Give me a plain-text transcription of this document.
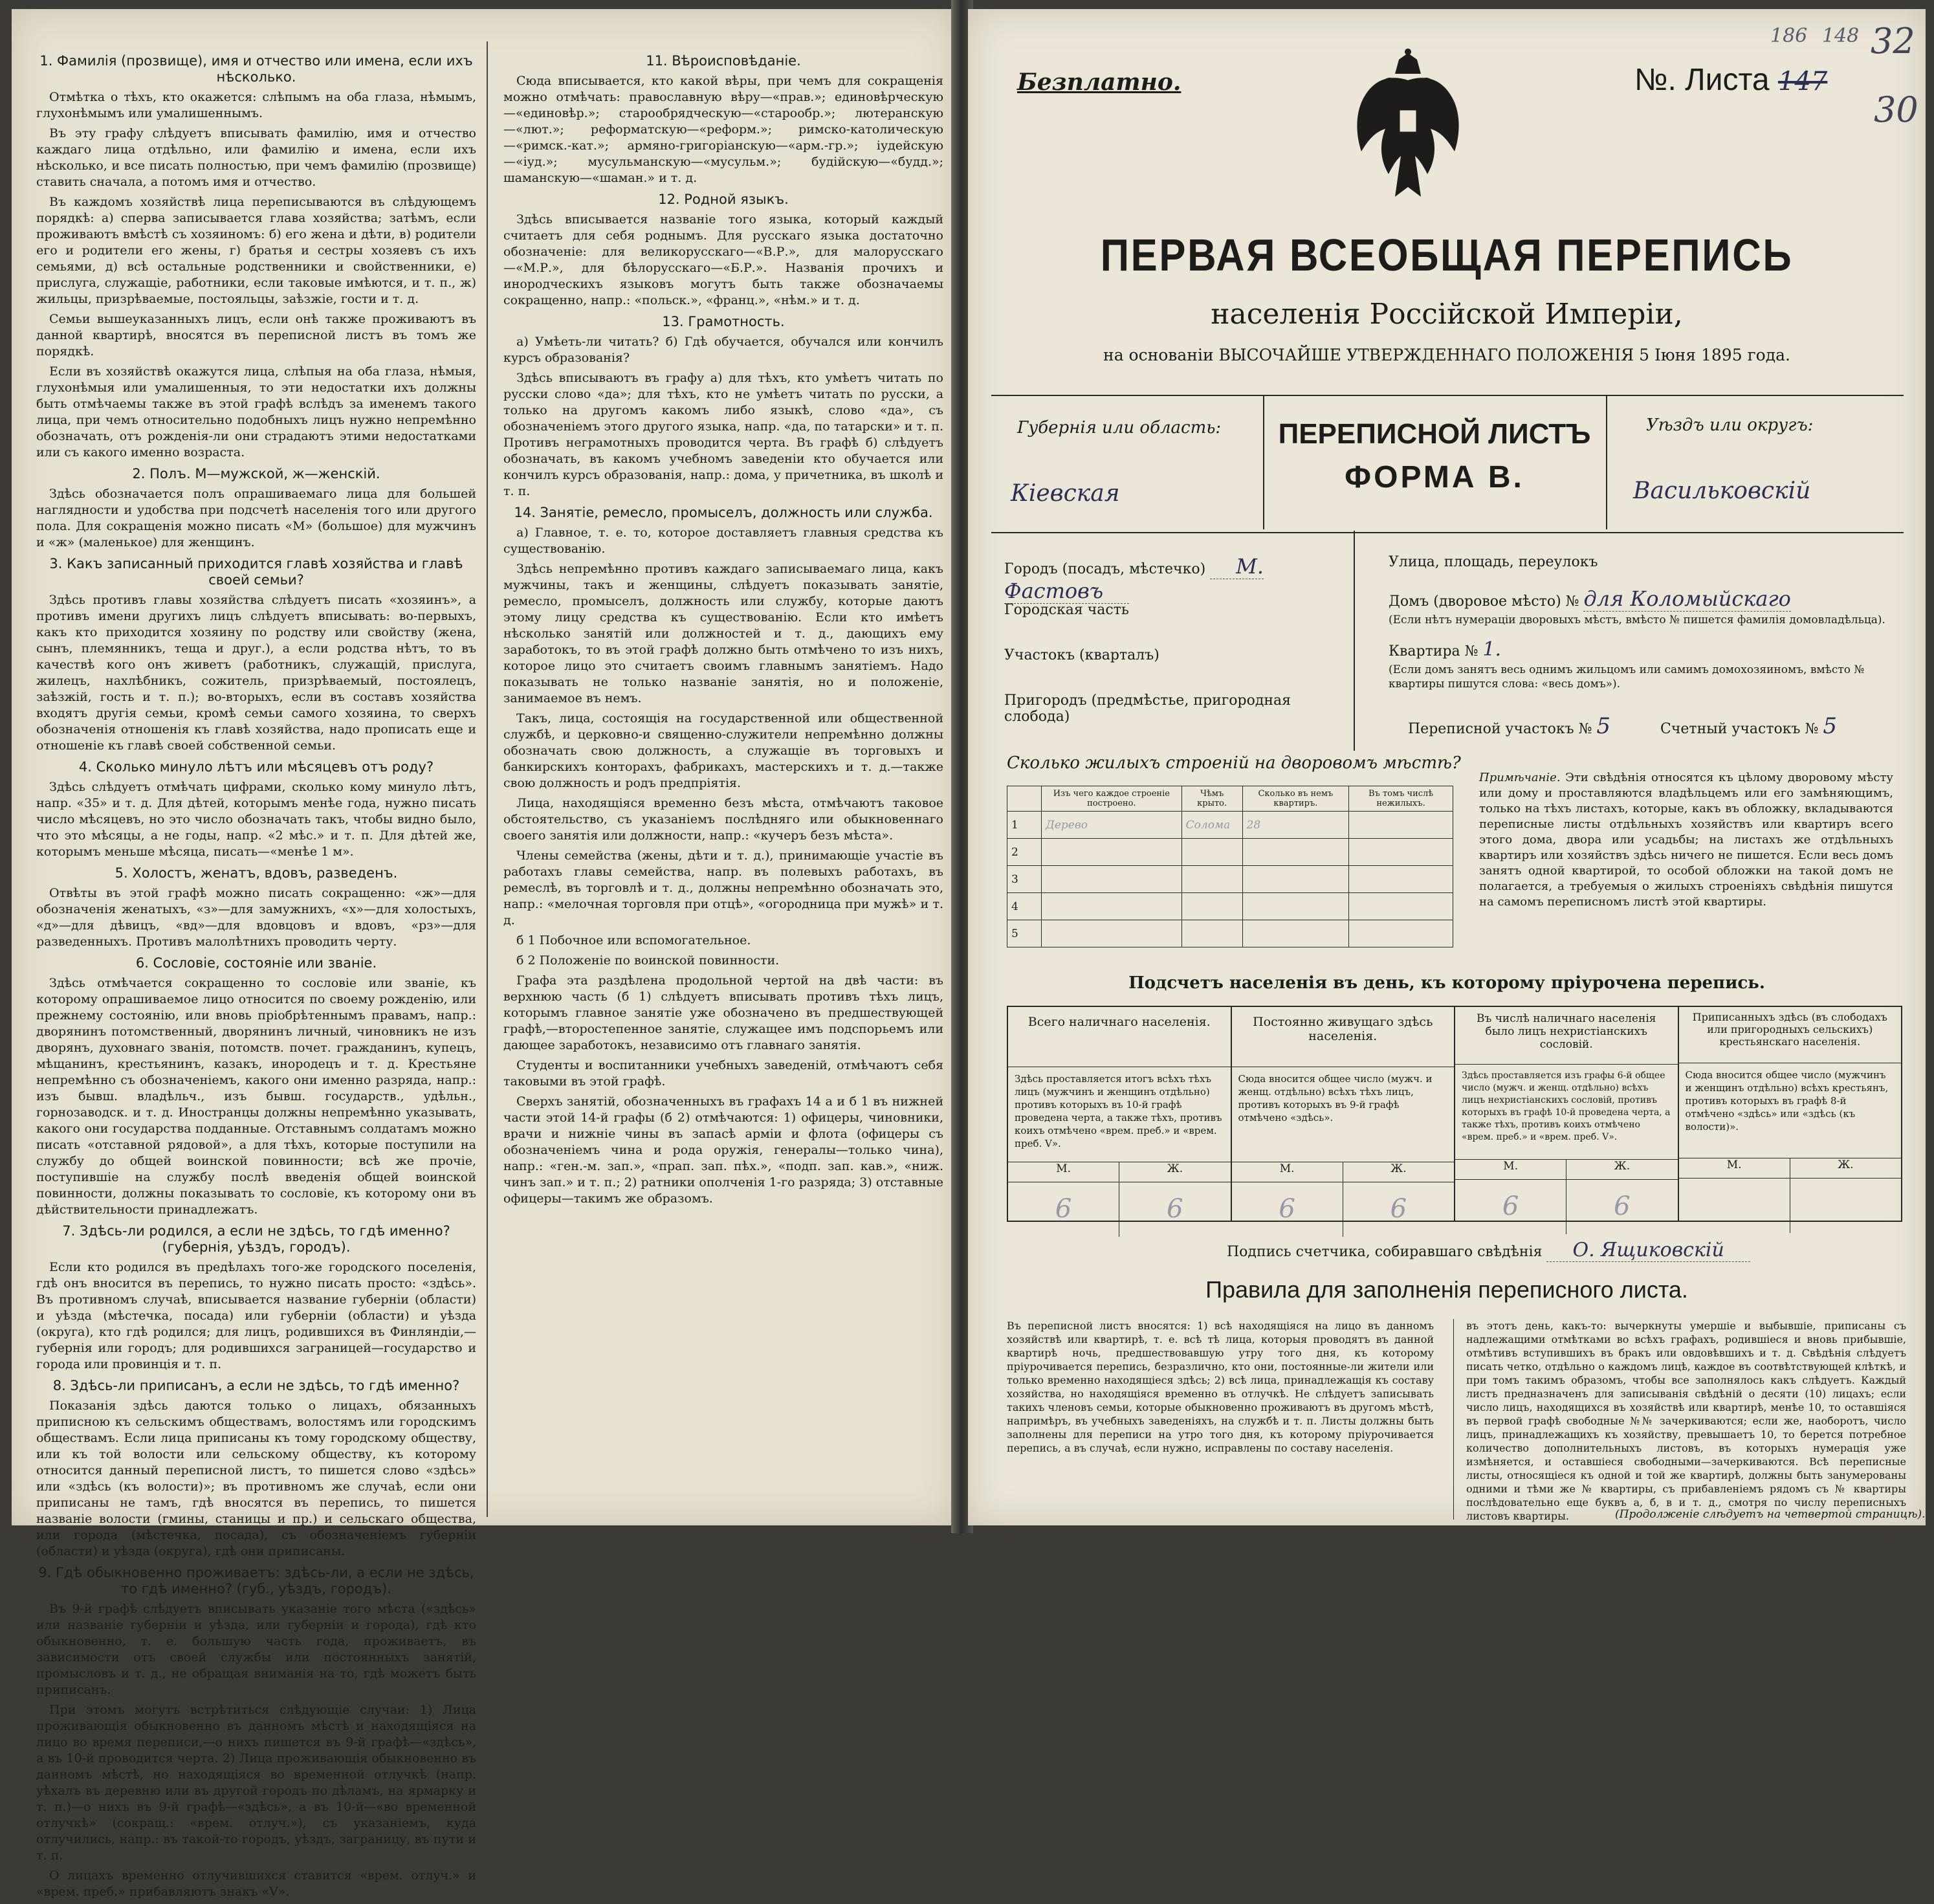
1. Фамилія (прозвище), имя и отчество или имена, если ихъ нѣсколько.

Отмѣтка о тѣхъ, кто окажется: слѣпымъ на оба глаза, нѣмымъ, глухонѣмымъ или умалишеннымъ.

Въ эту графу слѣдуетъ вписывать фамилію, имя и отчество каждаго лица отдѣльно, или фамилію и имена, если ихъ нѣсколько, и все писать полностью, при чемъ фамилію (прозвище) ставить сначала, а потомъ имя и отчество.

Въ каждомъ хозяйствѣ лица переписываются въ слѣдующемъ порядкѣ: а) сперва записывается глава хозяйства; затѣмъ, если проживаютъ вмѣстѣ съ хозяиномъ: б) его жена и дѣти, в) родители его и родители его жены, г) братья и сестры хозяевъ съ ихъ семьями, д) всѣ остальные родственники и свойственники, е) прислуга, служащіе, работники, если таковые имѣются, и т. п., ж) жильцы, призрѣваемые, постояльцы, заѣзжіе, гости и т. д.

Семьи вышеуказанныхъ лицъ, если онѣ также проживаютъ въ данной квартирѣ, вносятся въ переписной листъ въ томъ же порядкѣ.

Если въ хозяйствѣ окажутся лица, слѣпыя на оба глаза, нѣмыя, глухонѣмыя или умалишенныя, то эти недостатки ихъ должны быть отмѣчаемы также въ этой графѣ вслѣдъ за именемъ такого лица, при чемъ относительно подобныхъ лицъ нужно непремѣнно обозначать, отъ рожденія-ли они страдаютъ этими недостатками или съ какого именно возраста.

2. Полъ. М—мужской, ж—женскій.

Здѣсь обозначается полъ опрашиваемаго лица для большей наглядности и удобства при подсчетѣ населенія того или другого пола. Для сокращенія можно писать «М» (большое) для мужчинъ и «ж» (маленькое) для женщинъ.

3. Какъ записанный приходится главѣ хозяйства и главѣ своей семьи?

Здѣсь противъ главы хозяйства слѣдуетъ писать «хозяинъ», а противъ имени другихъ лицъ слѣдуетъ вписывать: во-первыхъ, какъ кто приходится хозяину по родству или свойству (жена, сынъ, племянникъ, теща и друг.), а если родства нѣтъ, то въ качествѣ кого онъ живетъ (работникъ, служащій, прислуга, жилецъ, нахлѣбникъ, сожитель, призрѣваемый, постоялецъ, заѣзжій, гость и т. п.); во-вторыхъ, если въ составъ хозяйства входятъ другія семьи, кромѣ семьи самого хозяина, то сверхъ обозначенія отношенія къ главѣ хозяйства, надо прописать еще и отношеніе къ главѣ своей собственной семьи.

4. Сколько минуло лѣтъ или мѣсяцевъ отъ роду?

Здѣсь слѣдуетъ отмѣчать цифрами, сколько кому минуло лѣтъ, напр. «35» и т. д. Для дѣтей, которымъ менѣе года, нужно писать число мѣсяцевъ, но это число обозначать такъ, чтобы видно было, что это мѣсяцы, а не годы, напр. «2 мѣс.» и т. п. Для дѣтей же, которымъ меньше мѣсяца, писать—«менѣе 1 м».

5. Холостъ, женатъ, вдовъ, разведенъ.

Отвѣты въ этой графѣ можно писать сокращенно: «ж»—для обозначенія женатыхъ, «з»—для замужнихъ, «х»—для холостыхъ, «д»—для дѣвицъ, «вд»—для вдовцовъ и вдовъ, «рз»—для разведенныхъ. Противъ малолѣтнихъ проводить черту.

6. Сословіе, состояніе или званіе.

Здѣсь отмѣчается сокращенно то сословіе или званіе, къ которому опрашиваемое лицо относится по своему рожденію, или прежнему состоянію, или вновь пріобрѣтеннымъ правамъ, напр.: дворянинъ потомственный, дворянинъ личный, чиновникъ не изъ дворянъ, духовнаго званія, потомств. почет. гражданинъ, купецъ, мѣщанинъ, крестьянинъ, казакъ, инородецъ и т. д. Крестьяне непремѣнно съ обозначеніемъ, какого они именно разряда, напр.: изъ бывш. владѣльч., изъ бывш. государств., удѣльн., горнозаводск. и т. д. Иностранцы должны непремѣнно указывать, какого они государства подданные. Отставнымъ солдатамъ можно писать «отставной рядовой», а для тѣхъ, которые поступили на службу до общей воинской повинности; всѣ же прочіе, поступившіе на службу послѣ введенія общей воинской повинности, должны показывать то сословіе, къ которому они въ дѣйствительности принадлежатъ.

7. Здѣсь-ли родился, а если не здѣсь, то гдѣ именно? (губернія, уѣздъ, городъ).

Если кто родился въ предѣлахъ того-же городского поселенія, гдѣ онъ вносится въ перепись, то нужно писать просто: «здѣсь». Въ противномъ случаѣ, вписывается название губерніи (области) и уѣзда (мѣстечка, посада) или губерніи (области) и уѣзда (округа), кто гдѣ родился; для лицъ, родившихся въ Финляндіи,—губернія или городъ; для родившихся заграницей—государство и города или провинція и т. п.

8. Здѣсь-ли приписанъ, а если не здѣсь, то гдѣ именно?

Показанія здѣсь даются только о лицахъ, обязанныхъ приписною къ сельскимъ обществамъ, волостямъ или городскимъ обществамъ. Если лица приписаны къ тому городскому обществу, или къ той волости или сельскому обществу, къ которому относится данный переписной листъ, то пишется слово «здѣсь» или «здѣсь (къ волости)»; въ противномъ же случаѣ, если они приписаны не тамъ, гдѣ вносятся въ перепись, то пишется названіе волости (гмины, станицы и пр.) и сельскаго общества, или города (мѣстечка, посада), съ обозначеніемъ губерніи (области) и уѣзда (округа), гдѣ они приписаны.

9. Гдѣ обыкновенно проживаетъ: здѣсь-ли, а если не здѣсь, то гдѣ именно? (губ., уѣздъ, городъ).

Въ 9-й графѣ слѣдуетъ вписывать указаніе того мѣста («здѣсь» или названіе губерніи и уѣзда, или губерніи и города), гдѣ кто обыкновенно, т. е. большую часть года, проживаетъ, въ зависимости отъ своей службы или постоянныхъ занятій, промысловъ и т. д., не обращая вниманія на то, гдѣ можетъ быть приписанъ.

При этомъ могутъ встрѣтиться слѣдующіе случаи: 1) Лица проживающія обыкновенно въ данномъ мѣстѣ и находящіяся на лицо во время переписи,—о нихъ пишется въ 9-й графѣ—«здѣсь», а въ 10-й проводится черта. 2) Лица проживающія обыкновенно въ данномъ мѣстѣ, но находящіяся во временной отлучкѣ (напр. уѣхалъ въ деревню или въ другой городъ по дѣламъ, на ярмарку и т. п.)—о нихъ въ 9-й графѣ—«здѣсь», а въ 10-й—«во временной отлучкѣ» (сокращ.: «врем. отлуч.»), съ указаніемъ, куда отлучились, напр.: въ такой-то городъ, уѣздъ, заграницу, въ пути и т. п.

О лицахъ временно отлучившихся ставится «врем. отлуч.» и «врем. преб.» прибавляютъ знакъ «V».

11. Вѣроисповѣданіе.

Сюда вписывается, кто какой вѣры, при чемъ для сокращенія можно отмѣчать: православную вѣру—«прав.»; единовѣрческую—«единовѣр.»; старообрядческую—«старообр.»; лютеранскую—«лют.»; реформатскую—«реформ.»; римско-католическую—«римск.-кат.»; армяно-григоріанскую—«арм.-гр.»; іудейскую—«іуд.»; мусульманскую—«мусульм.»; будійскую—«будд.»; шаманскую—«шаман.» и т. д.

12. Родной языкъ.

Здѣсь вписывается названіе того языка, который каждый считаетъ для себя роднымъ. Для русскаго языка достаточно обозначеніе: для великорусскаго—«В.Р.», для малорусскаго—«М.Р.», для бѣлорусскаго—«Б.Р.». Названія прочихъ и инородческихъ языковъ могутъ быть также обозначаемы сокращенно, напр.: «польск.», «франц.», «нѣм.» и т. д.

13. Грамотность.

а) Умѣеть-ли читать? б) Гдѣ обучается, обучался или кончилъ курсъ образованія?

Здѣсь вписываютъ въ графу а) для тѣхъ, кто умѣетъ читать по русски слово «да»; для тѣхъ, кто не умѣетъ читать по русски, а только на другомъ какомъ либо языкѣ, слово «да», съ обозначеніемъ этого другого языка, напр. «да, по татарски» и т. п. Противъ неграмотныхъ проводится черта. Въ графѣ б) слѣдуетъ обозначать, въ какомъ учебномъ заведеніи кто обучается или кончилъ курсъ образованія, напр.: дома, у причетника, въ школѣ и т. п.

14. Занятіе, ремесло, промыселъ, должность или служба.

а) Главное, т. е. то, которое доставляетъ главныя средства къ существованію.

Здѣсь непремѣнно противъ каждаго записываемаго лица, какъ мужчины, такъ и женщины, слѣдуетъ показывать занятіе, ремесло, промыселъ, должность или службу, которые даютъ этому лицу средства къ существованію. Если кто имѣетъ нѣсколько занятій или должностей и т. д., дающихъ ему заработокъ, то въ этой графѣ должно быть отмѣчено то изъ нихъ, которое лицо это считаетъ своимъ главнымъ занятіемъ. Надо показывать не только названіе занятія, но и положеніе, занимаемое въ немъ.

Такъ, лица, состоящія на государственной или общественной службѣ, и церковно-и священно-служители непремѣнно должны обозначать свою должность, а служащіе въ торговыхъ и банкирскихъ конторахъ, фабрикахъ, мастерскихъ и т. д.—также свою должность и родъ предпріятія.

Лица, находящіяся временно безъ мѣста, отмѣчаютъ таковое обстоятельство, съ указаніемъ послѣдняго или обыкновеннаго своего занятія или должности, напр.: «кучеръ безъ мѣста».

Члены семейства (жены, дѣти и т. д.), принимающіе участіе въ работахъ главы семейства, напр. въ полевыхъ работахъ, въ ремеслѣ, въ торговлѣ и т. д., должны непремѣнно обозначать это, напр.: «мелочная торговля при отцѣ», «огородница при мужѣ» и т. д.

б 1 Побочное или вспомогательное.

б 2 Положеніе по воинской повинности.

Графа эта раздѣлена продольной чертой на двѣ части: въ верхнюю часть (б 1) слѣдуетъ вписывать противъ тѣхъ лицъ, которымъ главное занятіе уже обозначено въ предшествующей графѣ,—второстепенное занятіе, служащее имъ подспорьемъ или дающее заработокъ, независимо отъ главнаго занятія.

Студенты и воспитанники учебныхъ заведеній, отмѣчаютъ себя таковыми въ этой графѣ.

Сверхъ занятій, обозначенныхъ въ графахъ 14 а и б 1 въ нижней части этой 14-й графы (б 2) отмѣчаются: 1) офицеры, чиновники, врачи и нижніе чины въ запасѣ арміи и флота (офицеры съ обозначеніемъ чина и рода оружія, генералы—только чина), напр.: «ген.-м. зап.», «прап. зап. пѣх.», «подп. зап. кав.», «ниж. чинъ зап.» и т. п.; 2) ратники ополченія 1-го разряда; 3) отставные офицеры—такимъ же образомъ.

Безплатно.	№. Листа 147
186 148 32
30
ПЕРВАЯ ВСЕОБЩАЯ ПЕРЕПИСЬ
населенія Россійской Имперіи,
на основаніи ВЫСОЧАЙШЕ УТВЕРЖДЕННАГО ПОЛОЖЕНІЯ 5 Іюня 1895 года.
Губернія или область:
Кіевская
ПЕРЕПИСНОЙ ЛИСТЪ
ФОРМА В.
Уѣздъ или округъ:
Васильковскій
Городъ (посадъ, мѣстечко) М. Фастовъ
Городская часть
Участокъ (кварталъ)
Пригородъ (предмѣстье, пригородная слобода)
Улица, площадь, переулокъ
Домъ (дворовое мѣсто) № для Коломыйскаго
(Если нѣтъ нумераціи дворовыхъ мѣстъ, вмѣсто № пишется фамилія домовладѣльца).
Квартира № 1.
(Если домъ занятъ весь однимъ жильцомъ или самимъ домохозяиномъ, вмѣсто № квартиры пишутся слова: «весь домъ»).
Переписной участокъ № 5	Счетный участокъ № 5
Сколько жилыхъ строеній на дворовомъ мѣстѣ?
	Изъ чего каждое строеніе построено.	Чѣмъ крыто.	Сколько въ немъ квартиръ.	Въ томъ числѣ нежилыхъ.
1	Дерево	Солома	28	
2				
3				
4				
5				
Примѣчаніе. Эти свѣдѣнія относятся къ цѣлому дворовому мѣсту или дому и проставляются владѣльцемъ или его замѣняющимъ, только на тѣхъ листахъ, которые, какъ въ обложку, вкладываются переписные листы отдѣльныхъ хозяйствъ или квартиръ всего этого дома, двора или усадьбы; на листахъ же отдѣльныхъ квартиръ или хозяйствъ здѣсь ничего не пишется. Если весь домъ занятъ одной квартирой, то особой обложки на такой домъ не полагается, а требуемыя о жилыхъ строеніяхъ свѣдѣнія пишутся на самомъ переписномъ листѣ этой квартиры.
Подсчетъ населенія въ день, къ которому пріурочена перепись.
Всего наличнаго населенія.
Здѣсь проставляется итогъ всѣхъ тѣхъ лицъ (мужчинъ и женщинъ отдѣльно) противъ которыхъ въ 10-й графѣ проведена черта, а также тѣхъ, противъ коихъ отмѣчено «врем. преб.» и «врем. преб. V».
М.	Ж.
6	6
Постоянно живущаго здѣсь населенія.
Сюда вносится общее число (мужч. и женщ. отдѣльно) всѣхъ тѣхъ лицъ, противъ которыхъ въ 9-й графѣ отмѣчено «здѣсь».
М.	Ж.
6	6
Въ числѣ наличнаго населенія было лицъ нехристіанскихъ сословій.
Здѣсь проставляется изъ графы 6-й общее число (мужч. и женщ. отдѣльно) всѣхъ лицъ нехристіанскихъ сословій, противъ которыхъ въ графѣ 10-й проведена черта, а также тѣхъ, противъ коихъ отмѣчено «врем. преб.» и «врем. преб. V».
М.	Ж.
6	6
Приписанныхъ здѣсь (въ слободахъ или пригородныхъ сельскихъ) крестьянскаго населенія.
Сюда вносится общее число (мужчинъ и женщинъ отдѣльно) всѣхъ крестьянъ, противъ которыхъ въ графѣ 8-й отмѣчено «здѣсь» или «здѣсь (къ волости)».
М.	Ж.
Подпись счетчика, собиравшаго свѣдѣнія О. Ящиковскій
Правила для заполненія переписного листа.
Въ переписной листъ вносятся: 1) всѣ находящіяся на лицо въ данномъ хозяйствѣ или квартирѣ, т. е. всѣ тѣ лица, которыя проводятъ въ данной квартирѣ ночь, предшествовавшую утру того дня, къ которому пріурочивается перепись, безразлично, кто они, постоянные-ли жители или только временно находящіеся здѣсь; 2) всѣ лица, принадлежащія къ составу хозяйства, но находящіяся временно въ отлучкѣ. Не слѣдуетъ записывать такихъ членовъ семьи, которые обыкновенно проживаютъ въ другомъ мѣстѣ, напримѣръ, въ учебныхъ заведеніяхъ, на службѣ и т. п. Листы должны быть заполнены для переписи на утро того дня, къ которому пріурочивается перепись, а въ случаѣ, если нужно, исправлены по составу населенія.
въ этотъ день, какъ-то: вычеркнуты умершіе и выбывшіе, приписаны съ надлежащими отмѣтками во всѣхъ графахъ, родившіеся и вновь прибывшіе, отмѣтивъ вступившихъ въ бракъ или овдовѣвшихъ и т. д. Свѣдѣнія слѣдуетъ писать четко, отдѣльно о каждомъ лицѣ, каждое въ соотвѣтствующей клѣткѣ, и при томъ такимъ образомъ, чтобы все заполнялось какъ слѣдуетъ. Каждый листъ предназначенъ для записыванія свѣдѣній о десяти (10) лицахъ; если число лицъ, находящихся въ хозяйствѣ или квартирѣ, менѣе 10, то оставшіяся въ первой графѣ свободные №№ зачеркиваются; если же, наоборотъ, число лицъ, принадлежащихъ къ хозяйству, превышаетъ 10, то берется потребное количество дополнительныхъ листовъ, въ которыхъ нумерація уже измѣняется, и оставшіеся свободными—зачеркиваются. Всѣ переписные листы, относящіеся къ одной и той же квартирѣ, должны быть занумерованы одними и тѣми же № квартиры, съ прибавленіемъ рядомъ съ № квартиры послѣдовательно еще буквъ а, б, в и т. д., смотря по числу переписныхъ листовъ квартиры.	(Продолженіе слѣдуетъ на четвертой страницѣ).
